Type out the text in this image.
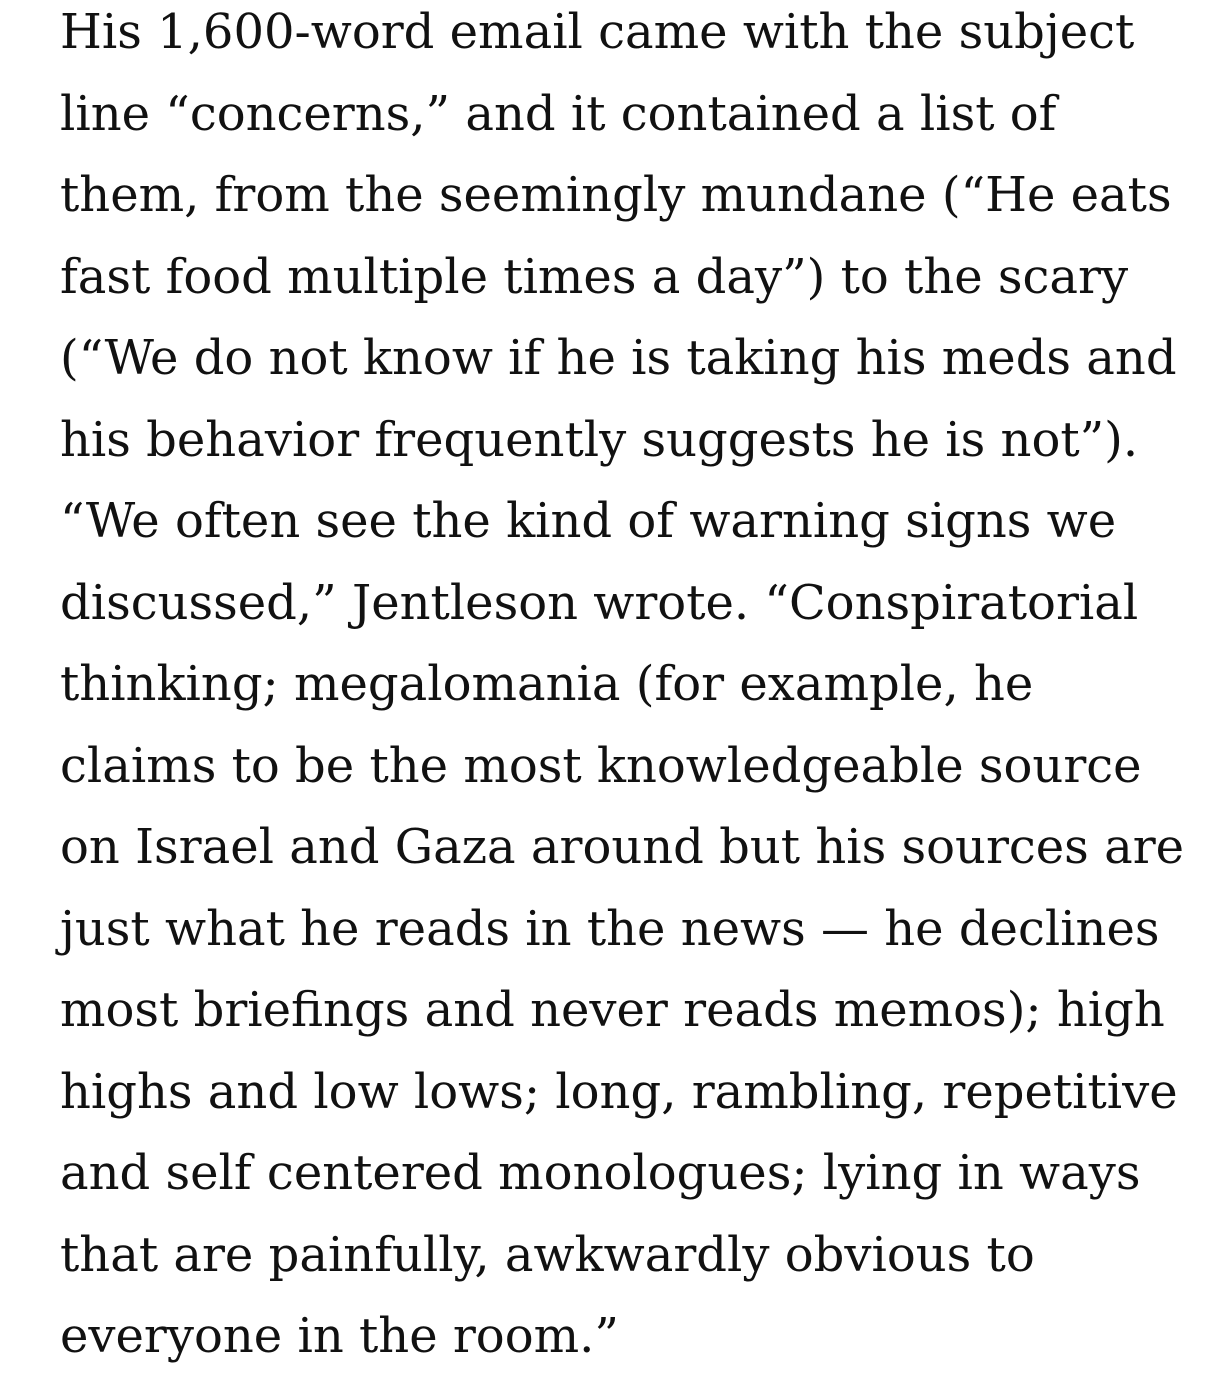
His 1,600-word email came with the subject
line “concerns,” and it contained a list of
them, from the seemingly mundane (“He eats
fast food multiple times a day”) to the scary
(“We do not know if he is taking his meds and
his behavior frequently suggests he is not”).
“We often see the kind of warning signs we
discussed,” Jentleson wrote. “Conspiratorial
thinking; megalomania (for example, he
claims to be the most knowledgeable source
on Israel and Gaza around but his sources are
just what he reads in the news — he declines
most briefings and never reads memos); high
highs and low lows; long, rambling, repetitive
and self centered monologues; lying in ways
that are painfully, awkwardly obvious to
everyone in the room.”
